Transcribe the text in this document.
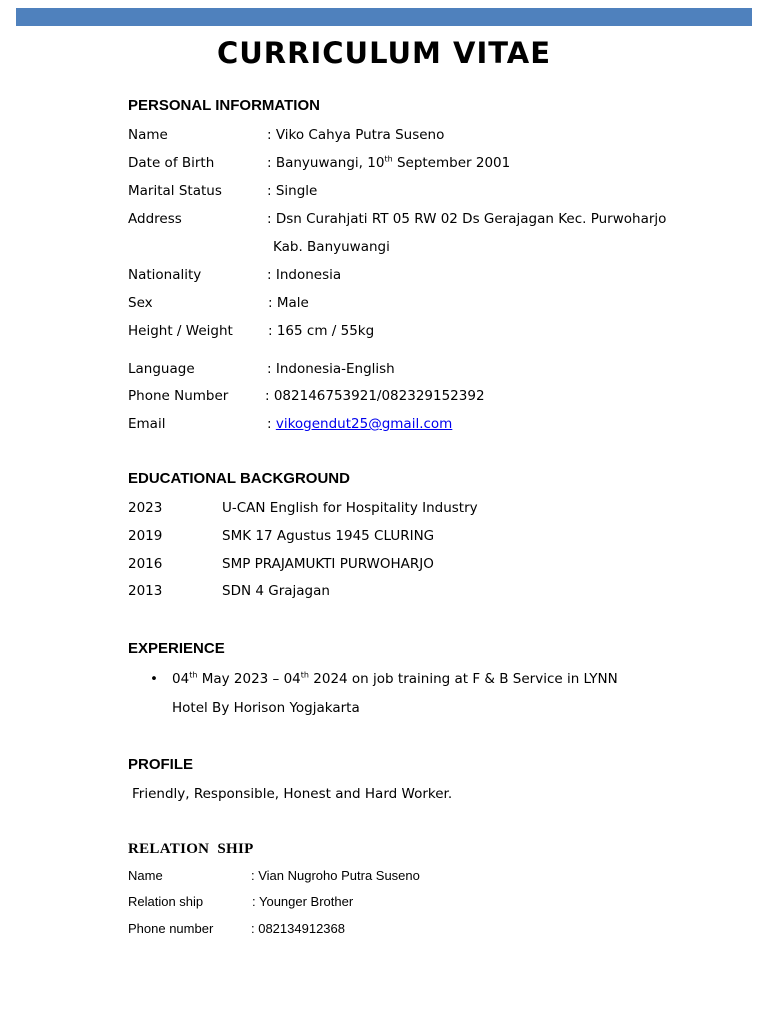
CURRICULUM VITAE
PERSONAL INFORMATION
Name	: Viko Cahya Putra Suseno
Date of Birth	: Banyuwangi, 10th September 2001
Marital Status	: Single
Address	: Dsn Curahjati RT 05 RW 02 Ds Gerajagan Kec. Purwoharjo
Kab. Banyuwangi
Nationality	: Indonesia
Sex	: Male
Height / Weight	: 165 cm / 55kg
Language	: Indonesia-English
Phone Number	: 082146753921/082329152392
Email	: vikogendut25@gmail.com
EDUCATIONAL BACKGROUND
2023	U-CAN English for Hospitality Industry
2019	SMK 17 Agustus 1945 CLURING
2016	SMP PRAJAMUKTI PURWOHARJO
2013	SDN 4 Grajagan
EXPERIENCE
• 04th May 2023 – 04th 2024 on job training at F & B Service in LYNN
Hotel By Horison Yogjakarta
PROFILE
Friendly, Responsible, Honest and Hard Worker.
RELATION  SHIP
Name	: Vian Nugroho Putra Suseno
Relation ship	: Younger Brother
Phone number	: 082134912368
